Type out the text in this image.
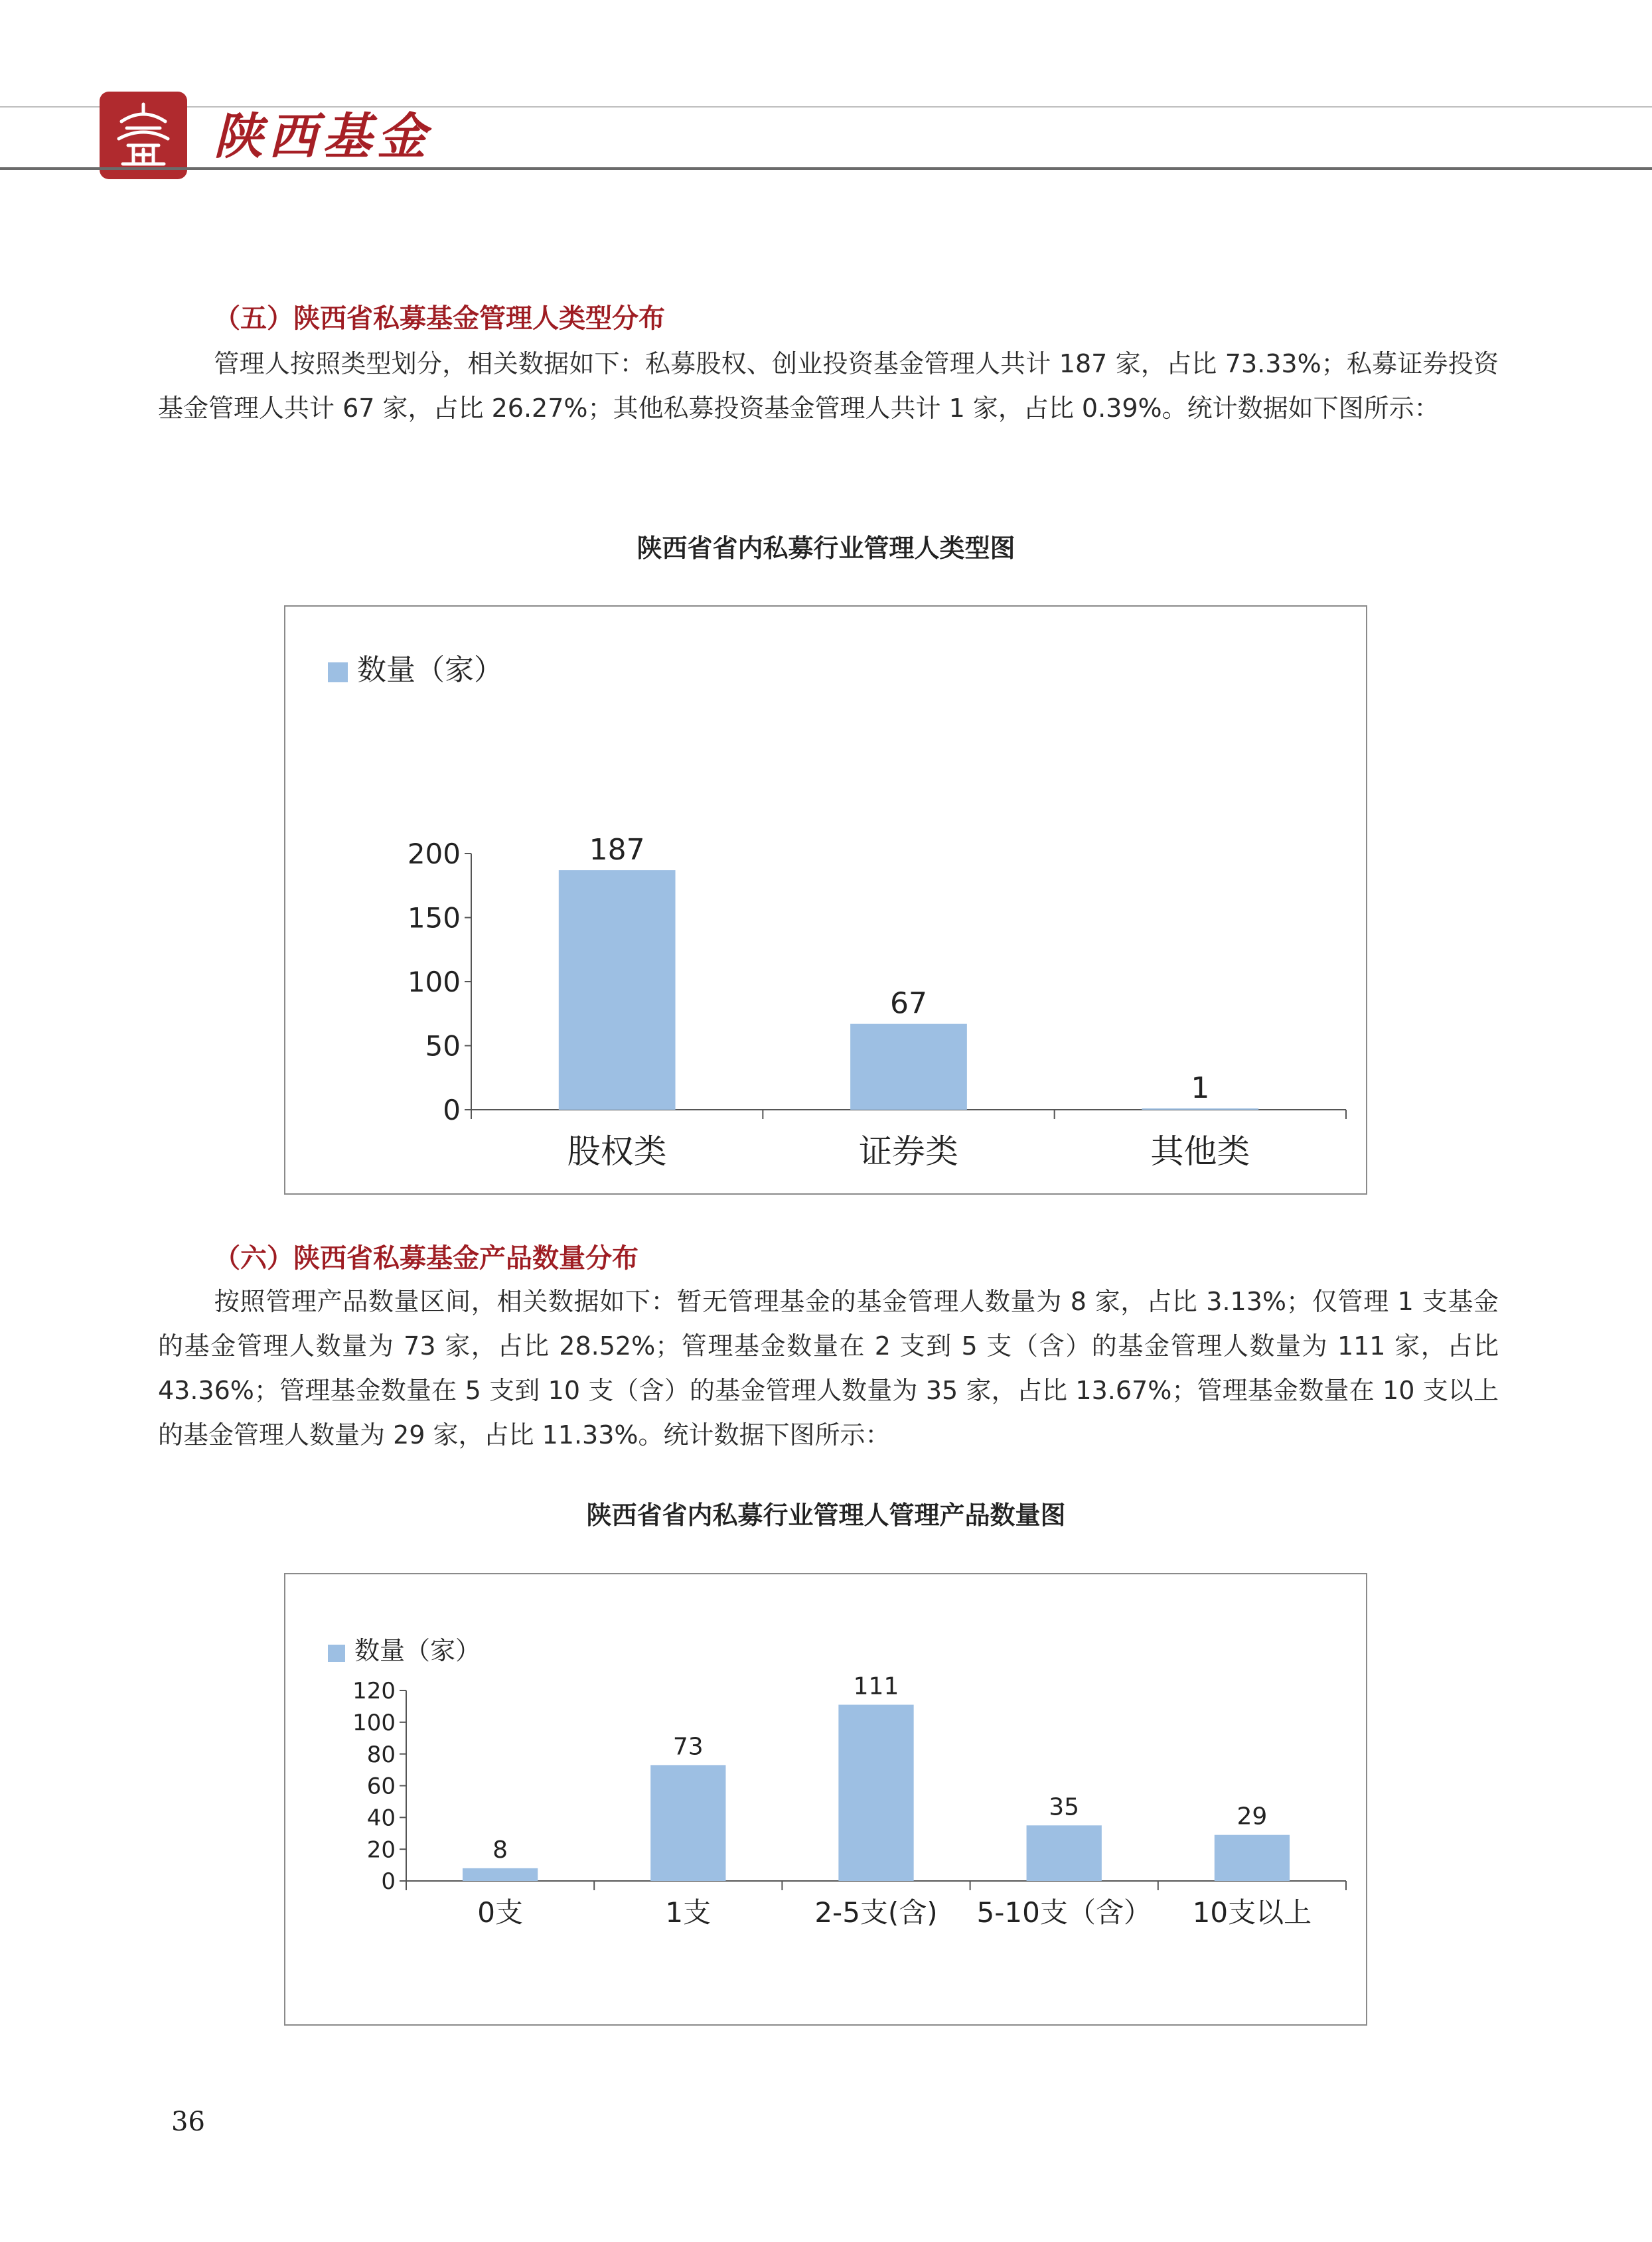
陕西基金
（五）陕西省私募基金管理人类型分布

管理人按照类型划分，相关数据如下：私募股权、创业投资基金管理人共计 187 家，占比 73.33%；私募证券投资基金管理人共计 67 家，占比 26.27%；其他私募投资基金管理人共计 1 家，占比 0.39%。统计数据如下图所示：

陕西省省内私募行业管理人类型图
数量（家）
0
50
100
150
200	187
股权类
67
证券类
1
其他类
（六）陕西省私募基金产品数量分布

按照管理产品数量区间，相关数据如下：暂无管理基金的基金管理人数量为 8 家，占比 3.13%；仅管理 1 支基金的基金管理人数量为 73 家，占比 28.52%；管理基金数量在 2 支到 5 支（含）的基金管理人数量为 111 家，占比 43.36%；管理基金数量在 5 支到 10 支（含）的基金管理人数量为 35 家，占比 13.67%；管理基金数量在 10 支以上的基金管理人数量为 29 家，占比 11.33%。统计数据下图所示：

陕西省省内私募行业管理人管理产品数量图
数量（家）
0
20
40
60
80
100
120
8
0支
73
1支
111
2-5支(含)
35
5-10支（含）
29
10支以上
36
